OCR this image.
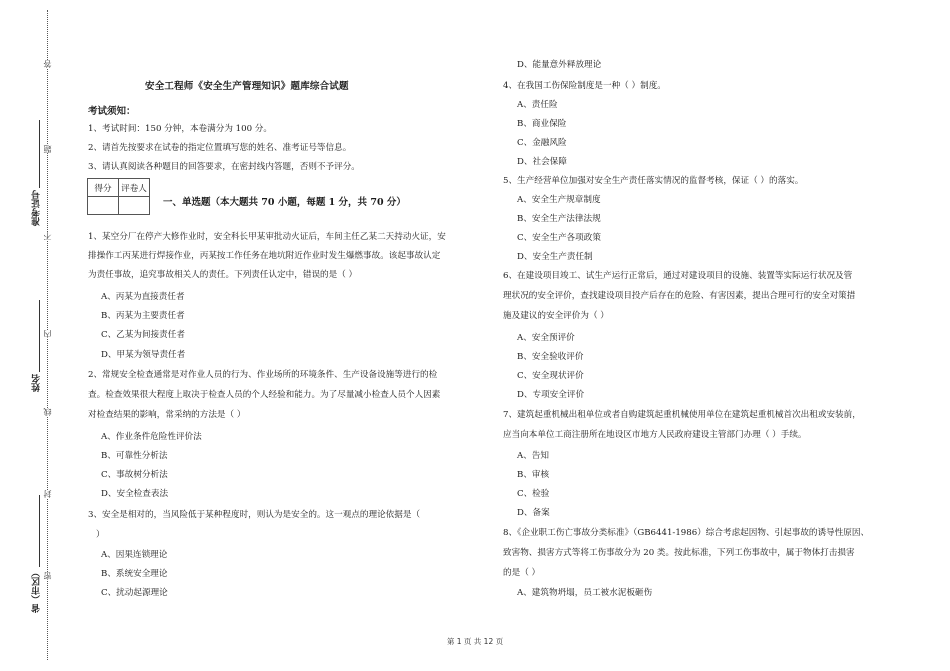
答
题
不
内
线
封
密
准考证号
姓名
省（市区）
安全工程师《安全生产管理知识》题库综合试题
考试须知：
1、考试时间：150 分钟，本卷满分为 100 分。
2、请首先按要求在试卷的指定位置填写您的姓名、准考证号等信息。
3、请认真阅读各种题目的回答要求，在密封线内答题，否则不予评分。
得分	评卷人

一、单选题（本大题共 70 小题，每题 1 分，共 70 分）
1、某空分厂在停产大修作业时，安全科长甲某审批动火证后，车间主任乙某二天持动火证，安
排操作工丙某进行焊接作业，丙某按工作任务在地坑附近作业时发生爆燃事故。该起事故认定
为责任事故，追究事故相关人的责任。下列责任认定中，错误的是（ ）
A、丙某为直接责任者
B、丙某为主要责任者
C、乙某为间接责任者
D、甲某为领导责任者
2、常规安全检查通常是对作业人员的行为、作业场所的环境条件、生产设备设施等进行的检
查。检查效果很大程度上取决于检查人员的个人经验和能力。为了尽量减小检查人员个人因素
对检查结果的影响，常采纳的方法是（ ）
A、作业条件危险性评价法
B、可靠性分析法
C、事故树分析法
D、安全检查表法
3、安全是相对的，当风险低于某种程度时，则认为是安全的。这一观点的理论依据是（
）
A、因果连锁理论
B、系统安全理论
C、扰动起源理论
D、能量意外释放理论
4、在我国工伤保险制度是一种（ ）制度。
A、责任险
B、商业保险
C、金融风险
D、社会保障
5、生产经营单位加强对安全生产责任落实情况的监督考核，保证（ ）的落实。
A、安全生产规章制度
B、安全生产法律法规
C、安全生产各项政策
D、安全生产责任制
6、在建设项目竣工、试生产运行正常后，通过对建设项目的设施、装置等实际运行状况及管
理状况的安全评价，查找建设项目投产后存在的危险、有害因素，提出合理可行的安全对策措
施及建议的安全评价为（ ）
A、安全预评价
B、安全验收评价
C、安全现状评价
D、专项安全评价
7、建筑起重机械出租单位或者自购建筑起重机械使用单位在建筑起重机械首次出租或安装前，
应当向本单位工商注册所在地设区市地方人民政府建设主管部门办理（ ）手续。
A、告知
B、审核
C、检验
D、备案
8、《企业职工伤亡事故分类标准》（GB6441-1986）综合考虑起因物、引起事故的诱导性原因、
致害物、损害方式等将工伤事故分为 20 类。按此标准，下列工伤事故中，属于物体打击损害
的是（ ）
A、建筑物坍塌，员工被水泥板砸伤
第 1 页 共 12 页
